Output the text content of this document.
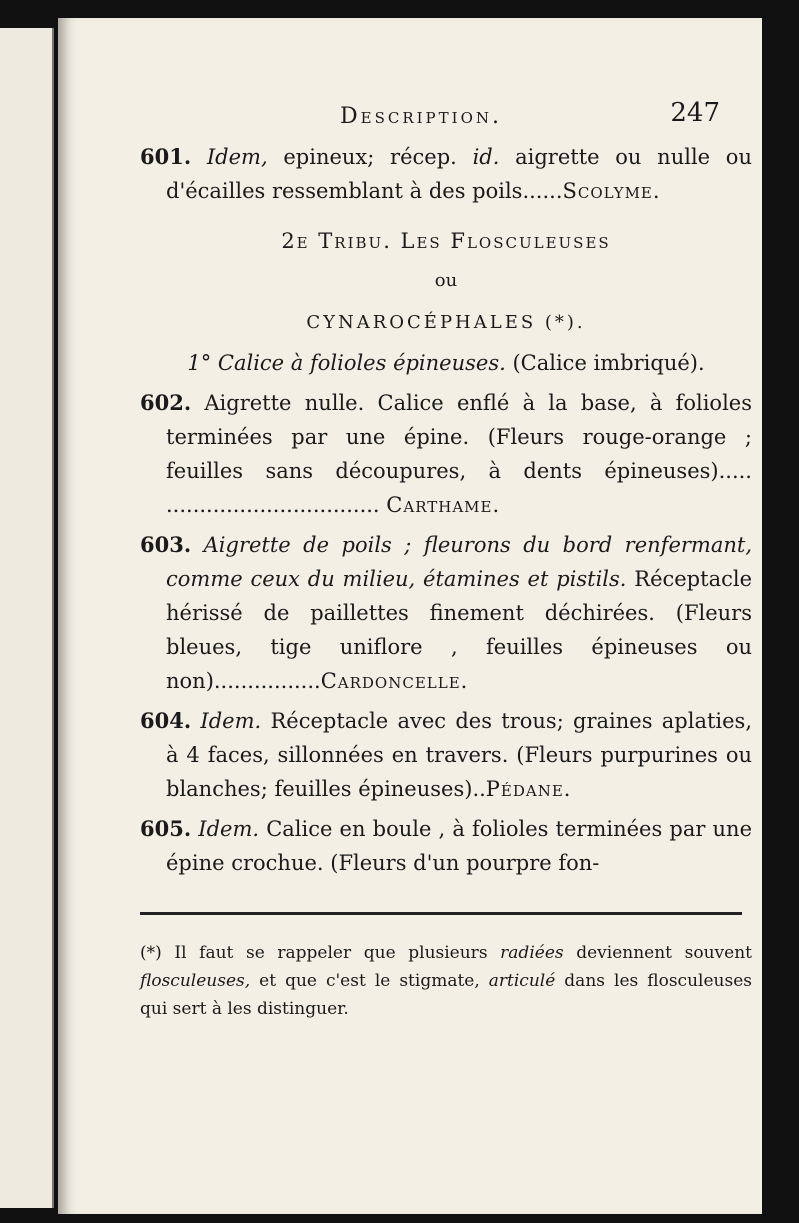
Description.	247

601. Idem, epineux; récep. id. aigrette ou nulle ou d'écailles ressemblant à des poils......Scolyme.

2e Tribu. Les Flosculeuses

ou

CYNAROCÉPHALES (*).

1° Calice à folioles épineuses. (Calice imbriqué).

602. Aigrette nulle. Calice enflé à la base, à folioles terminées par une épine. (Fleurs rouge-orange ; feuilles sans découpures, à dents épineuses)..... ................................ Carthame.

603. Aigrette de poils ; fleurons du bord renfermant, comme ceux du milieu, étamines et pistils. Réceptacle hérissé de paillettes finement déchirées. (Fleurs bleues, tige uniflore , feuilles épineuses ou non)................Cardoncelle.

604. Idem. Réceptacle avec des trous; graines aplaties, à 4 faces, sillonnées en travers. (Fleurs purpurines ou blanches; feuilles épineuses)..Pédane.

605. Idem. Calice en boule , à folioles terminées par une épine crochue. (Fleurs d'un pourpre fon-

(*) Il faut se rappeler que plusieurs radiées deviennent souvent flosculeuses, et que c'est le stigmate, articulé dans les flosculeuses qui sert à les distinguer.
